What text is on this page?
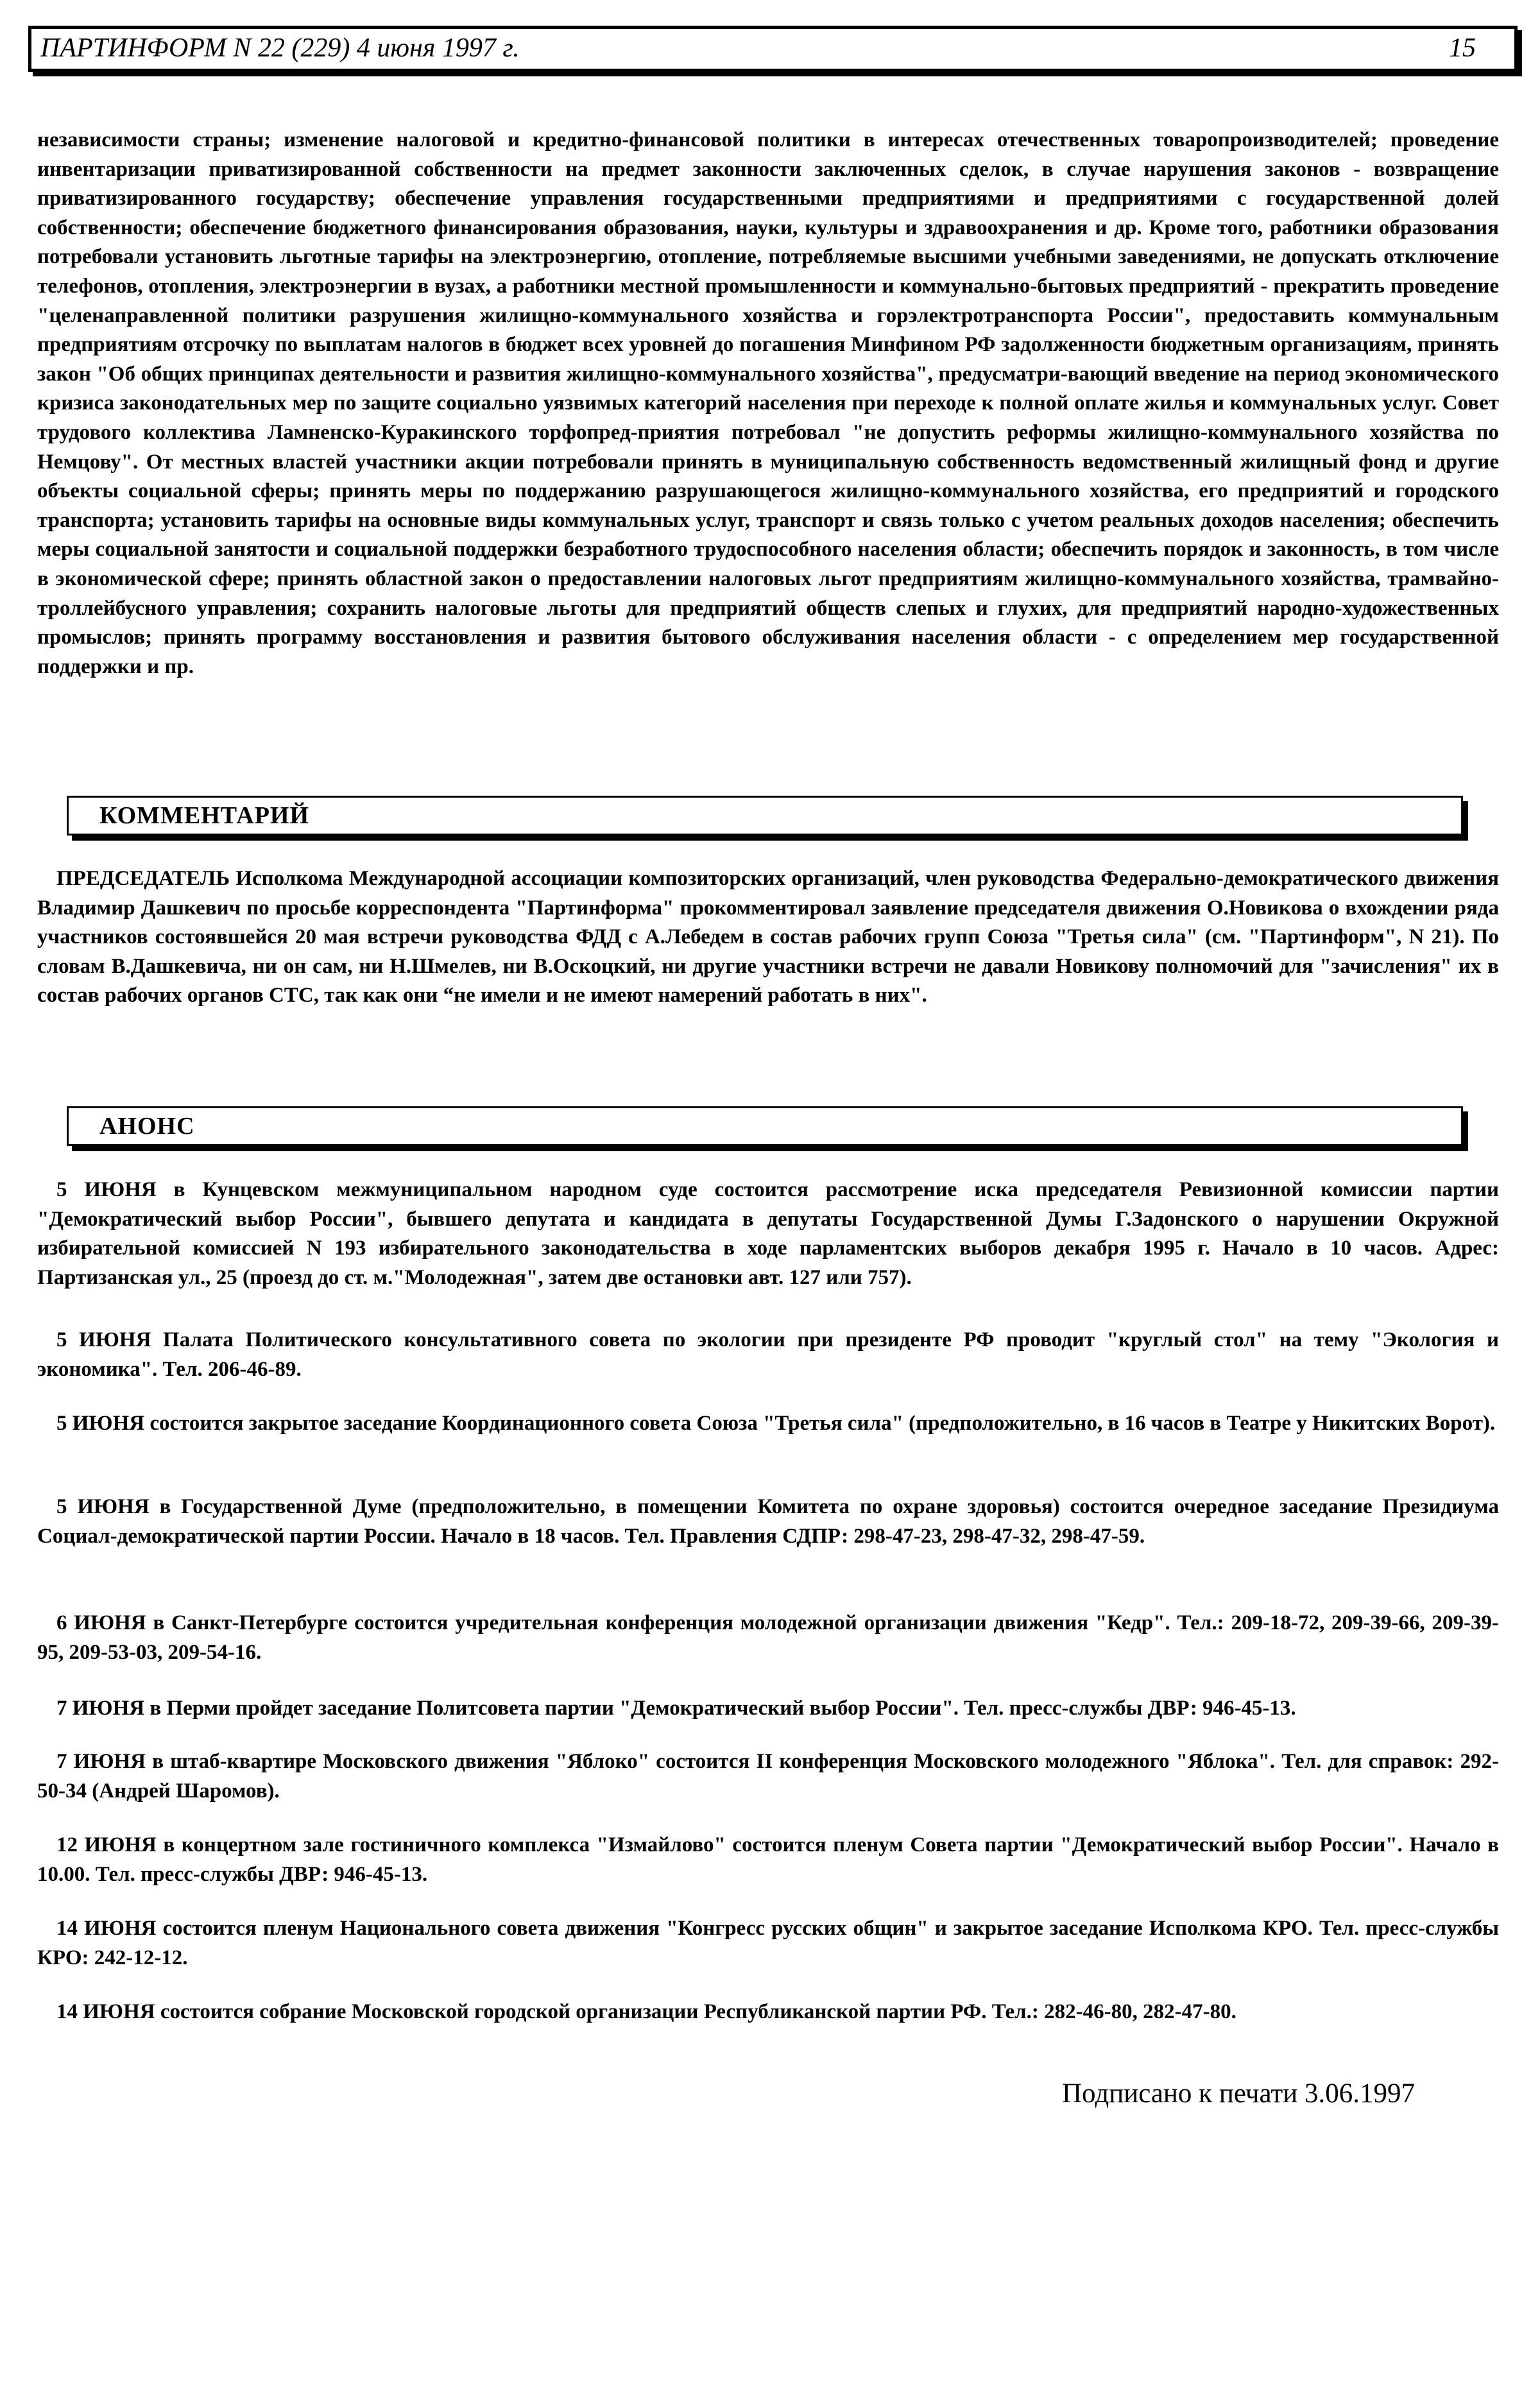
ПАРТИНФОРМ N 22 (229) 4 июня 1997 г.	15

независимости страны; изменение налоговой и кредитно-финансовой политики в интересах отечественных товаропроизводителей; проведение инвентаризации приватизированной собственности на предмет законности заключенных сделок, в случае нарушения законов - возвращение приватизированного государству; обеспечение управления государственными предприятиями и предприятиями с государственной долей собственности; обеспечение бюджетного финансирования образования, науки, культуры и здравоохранения и др. Кроме того, работники образования потребовали установить льготные тарифы на электроэнергию, отопление, потребляемые высшими учебными заведениями, не допускать отключение телефонов, отопления, электроэнергии в вузах, а работники местной промышленности и коммунально-бытовых предприятий - прекратить проведение "целенаправленной политики разрушения жилищно-коммунального хозяйства и горэлектротранспорта России", предоставить коммунальным предприятиям отсрочку по выплатам налогов в бюджет всех уровней до погашения Минфином РФ задолженности бюджетным организациям, принять закон "Об общих принципах деятельности и развития жилищно-коммунального хозяйства", предусматри-вающий введение на период экономического кризиса законодательных мер по защите социально уязвимых категорий населения при переходе к полной оплате жилья и коммунальных услуг. Совет трудового коллектива Ламненско-Куракинского торфопред-приятия потребовал "не допустить реформы жилищно-коммунального хозяйства по Немцову". От местных властей участники акции потребовали принять в муниципальную собственность ведомственный жилищный фонд и другие объекты социальной сферы; принять меры по поддержанию разрушающегося жилищно-коммунального хозяйства, его предприятий и городского транспорта; установить тарифы на основные виды коммунальных услуг, транспорт и связь только с учетом реальных доходов населения; обеспечить меры социальной занятости и социальной поддержки безработного трудоспособного населения области; обеспечить порядок и законность, в том числе в экономической сфере; принять областной закон о предоставлении налоговых льгот предприятиям жилищно-коммунального хозяйства, трамвайно-троллейбусного управления; сохранить налоговые льготы для предприятий обществ слепых и глухих, для предприятий народно-художественных промыслов; принять программу восстановления и развития бытового обслуживания населения области - с определением мер государственной поддержки и пр.

КОММЕНТАРИЙ

ПРЕДСЕДАТЕЛЬ Исполкома Международной ассоциации композиторских организаций, член руководства Федерально-демократического движения Владимир Дашкевич по просьбе корреспондента "Партинформа" прокомментировал заявление председателя движения О.Новикова о вхождении ряда участников состоявшейся 20 мая встречи руководства ФДД с А.Лебедем в состав рабочих групп Союза "Третья сила" (см. "Партинформ", N 21). По словам В.Дашкевича, ни он сам, ни Н.Шмелев, ни В.Оскоцкий, ни другие участники встречи не давали Новикову полномочий для "зачисления" их в состав рабочих органов СТС, так как они “не имели и не имеют намерений работать в них".

АНОНС

5 ИЮНЯ в Кунцевском межмуниципальном народном суде состоится рассмотрение иска председателя Ревизионной комиссии партии "Демократический выбор России", бывшего депутата и кандидата в депутаты Государственной Думы Г.Задонского о нарушении Окружной избирательной комиссией N 193 избирательного законодательства в ходе парламентских выборов декабря 1995 г. Начало в 10 часов. Адрес: Партизанская ул., 25 (проезд до ст. м."Молодежная", затем две остановки авт. 127 или 757).

5 ИЮНЯ Палата Политического консультативного совета по экологии при президенте РФ проводит "круглый стол" на тему "Экология и экономика". Тел. 206-46-89.

5 ИЮНЯ состоится закрытое заседание Координационного совета Союза "Третья сила" (предположительно, в 16 часов в Театре у Никитских Ворот).

5 ИЮНЯ в Государственной Думе (предположительно, в помещении Комитета по охране здоровья) состоится очередное заседание Президиума Социал-демократической партии России. Начало в 18 часов. Тел. Правления СДПР: 298-47-23, 298-47-32, 298-47-59.

6 ИЮНЯ в Санкт-Петербурге состоится учредительная конференция молодежной организации движения "Кедр". Тел.: 209-18-72, 209-39-66, 209-39-95, 209-53-03, 209-54-16.

7 ИЮНЯ в Перми пройдет заседание Политсовета партии "Демократический выбор России". Тел. пресс-службы ДВР: 946-45-13.

7 ИЮНЯ в штаб-квартире Московского движения "Яблоко" состоится II конференция Московского молодежного "Яблока". Тел. для справок: 292-50-34 (Андрей Шаромов).

12 ИЮНЯ в концертном зале гостиничного комплекса "Измайлово" состоится пленум Совета партии "Демократический выбор России". Начало в 10.00. Тел. пресс-службы ДВР: 946-45-13.

14 ИЮНЯ состоится пленум Национального совета движения "Конгресс русских общин" и закрытое заседание Исполкома КРО. Тел. пресс-службы КРО: 242-12-12.

14 ИЮНЯ состоится собрание Московской городской организации Республиканской партии РФ. Тел.: 282-46-80, 282-47-80.

Подписано к печати 3.06.1997
